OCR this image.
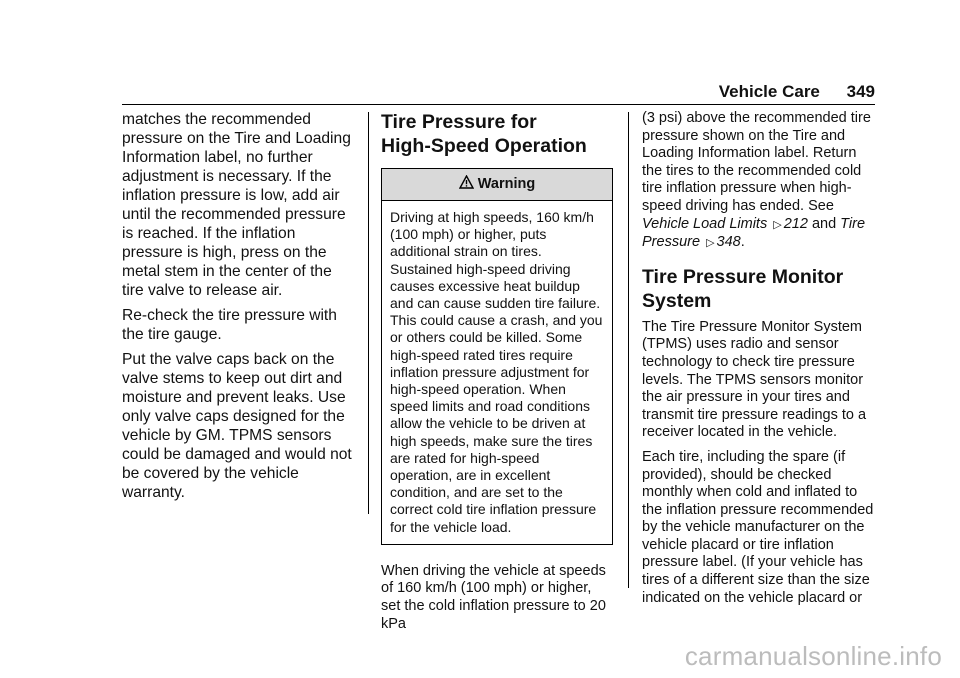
Vehicle Care 349

matches the recommended pressure on the Tire and Loading Information label, no further adjustment is necessary. If the inflation pressure is low, add air until the recommended pressure is reached. If the inflation pressure is high, press on the metal stem in the center of the tire valve to release air.

Re-check the tire pressure with the tire gauge.

Put the valve caps back on the valve stems to keep out dirt and moisture and prevent leaks. Use only valve caps designed for the vehicle by GM. TPMS sensors could be damaged and would not be covered by the vehicle warranty.

Tire Pressure for
High-Speed Operation
Warning
Driving at high speeds, 160 km/h (100 mph) or higher, puts additional strain on tires. Sustained high-speed driving causes excessive heat buildup and can cause sudden tire failure. This could cause a crash, and you or others could be killed. Some high-speed rated tires require inflation pressure adjustment for high-speed operation. When speed limits and road conditions allow the vehicle to be driven at high speeds, make sure the tires are rated for high-speed operation, are in excellent condition, and are set to the correct cold tire inflation pressure for the vehicle load.

When driving the vehicle at speeds of 160 km/h (100 mph) or higher, set the cold inflation pressure to 20 kPa

(3 psi) above the recommended tire pressure shown on the Tire and Loading Information label. Return the tires to the recommended cold tire inflation pressure when high-speed driving has ended. See Vehicle Load Limits ▷ 212 and Tire Pressure ▷ 348.

Tire Pressure Monitor
System

The Tire Pressure Monitor System (TPMS) uses radio and sensor technology to check tire pressure levels. The TPMS sensors monitor the air pressure in your tires and transmit tire pressure readings to a receiver located in the vehicle.

Each tire, including the spare (if provided), should be checked monthly when cold and inflated to the inflation pressure recommended by the vehicle manufacturer on the vehicle placard or tire inflation pressure label. (If your vehicle has tires of a different size than the size indicated on the vehicle placard or

carmanualsonline.info
